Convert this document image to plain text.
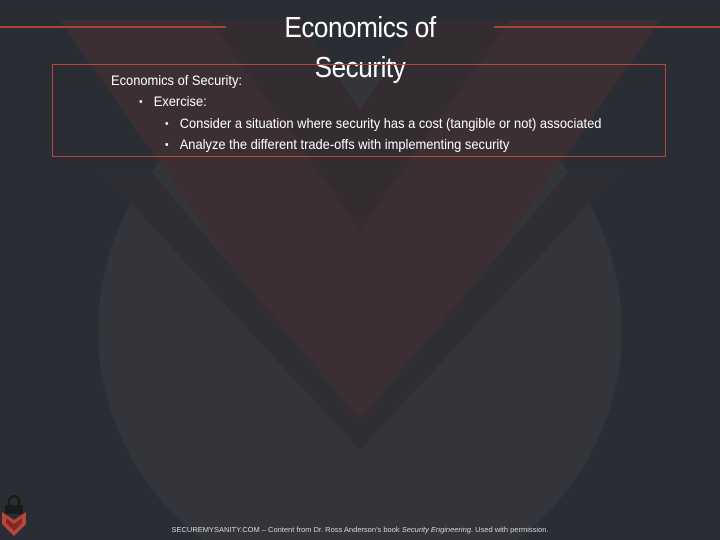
Economics of Security
Economics of Security:
• Exercise:
• Consider a situation where security has a cost (tangible or not) associated
• Analyze the different trade-offs with implementing security
SECUREMYSANITY.COM – Content from Dr. Ross Anderson’s book Security Engineering. Used with permission.
